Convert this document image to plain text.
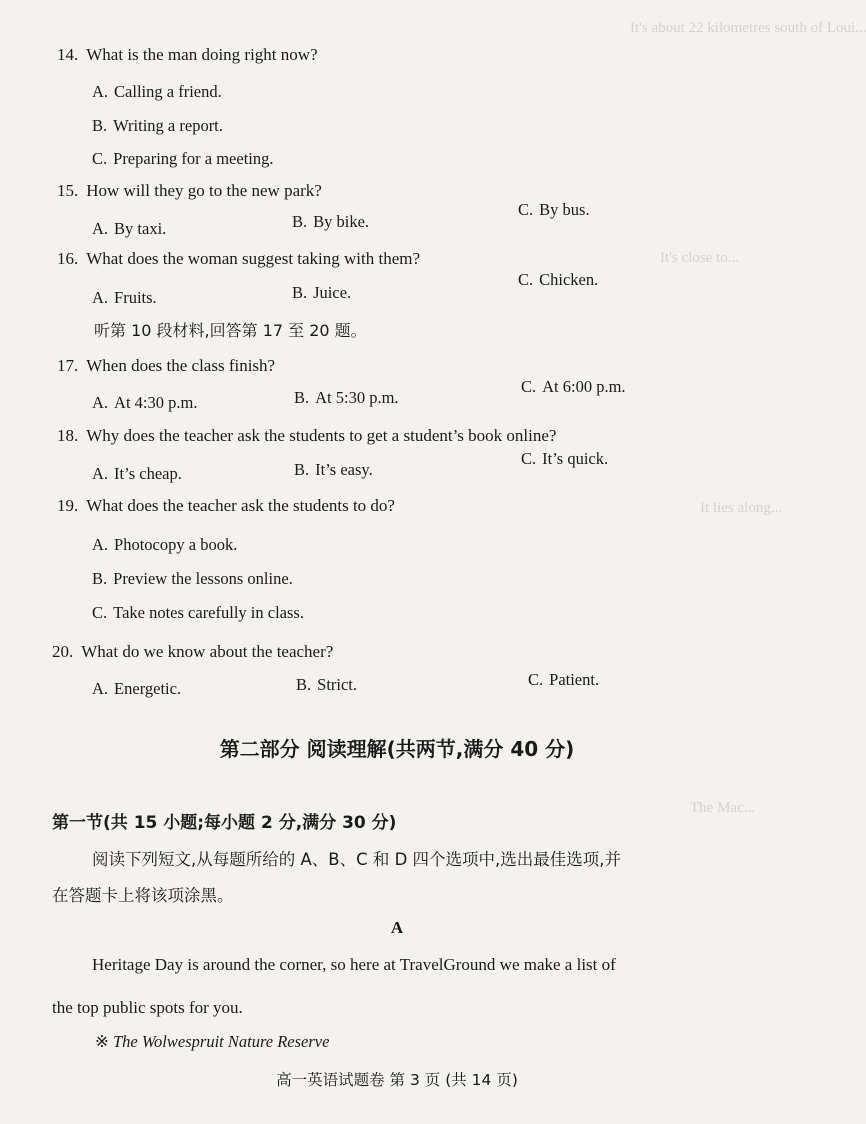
It's about 22 kilometres south of Loui...
It's close to...
It lies along...
The Mac...
14. What is the man doing right now?
A. Calling a friend.
B. Writing a report.
C. Preparing for a meeting.
15. How will they go to the new park?
A. By taxi.	B. By bike.
C. By bus.
16. What does the woman suggest taking with them?
A. Fruits.	B. Juice.
C. Chicken.
听第 10 段材料,回答第 17 至 20 题。
17. When does the class finish?
A. At 4:30 p.m.	B. At 5:30 p.m.
C. At 6:00 p.m.
18. Why does the teacher ask the students to get a student’s book online?
A. It’s cheap.	B. It’s easy.
C. It’s quick.
19. What does the teacher ask the students to do?
A. Photocopy a book.
B. Preview the lessons online.
C. Take notes carefully in class.
20. What do we know about the teacher?
A. Energetic.	B. Strict.	C. Patient.
第二部分 阅读理解(共两节,满分 40 分)
第一节(共 15 小题;每小题 2 分,满分 30 分)
阅读下列短文,从每题所给的 A、B、C 和 D 四个选项中,选出最佳选项,并
在答题卡上将该项涂黑。
A
Heritage Day is around the corner, so here at TravelGround we make a list of
the top public spots for you.
※ The Wolwespruit Nature Reserve
高一英语试题卷 第 3 页 (共 14 页)
